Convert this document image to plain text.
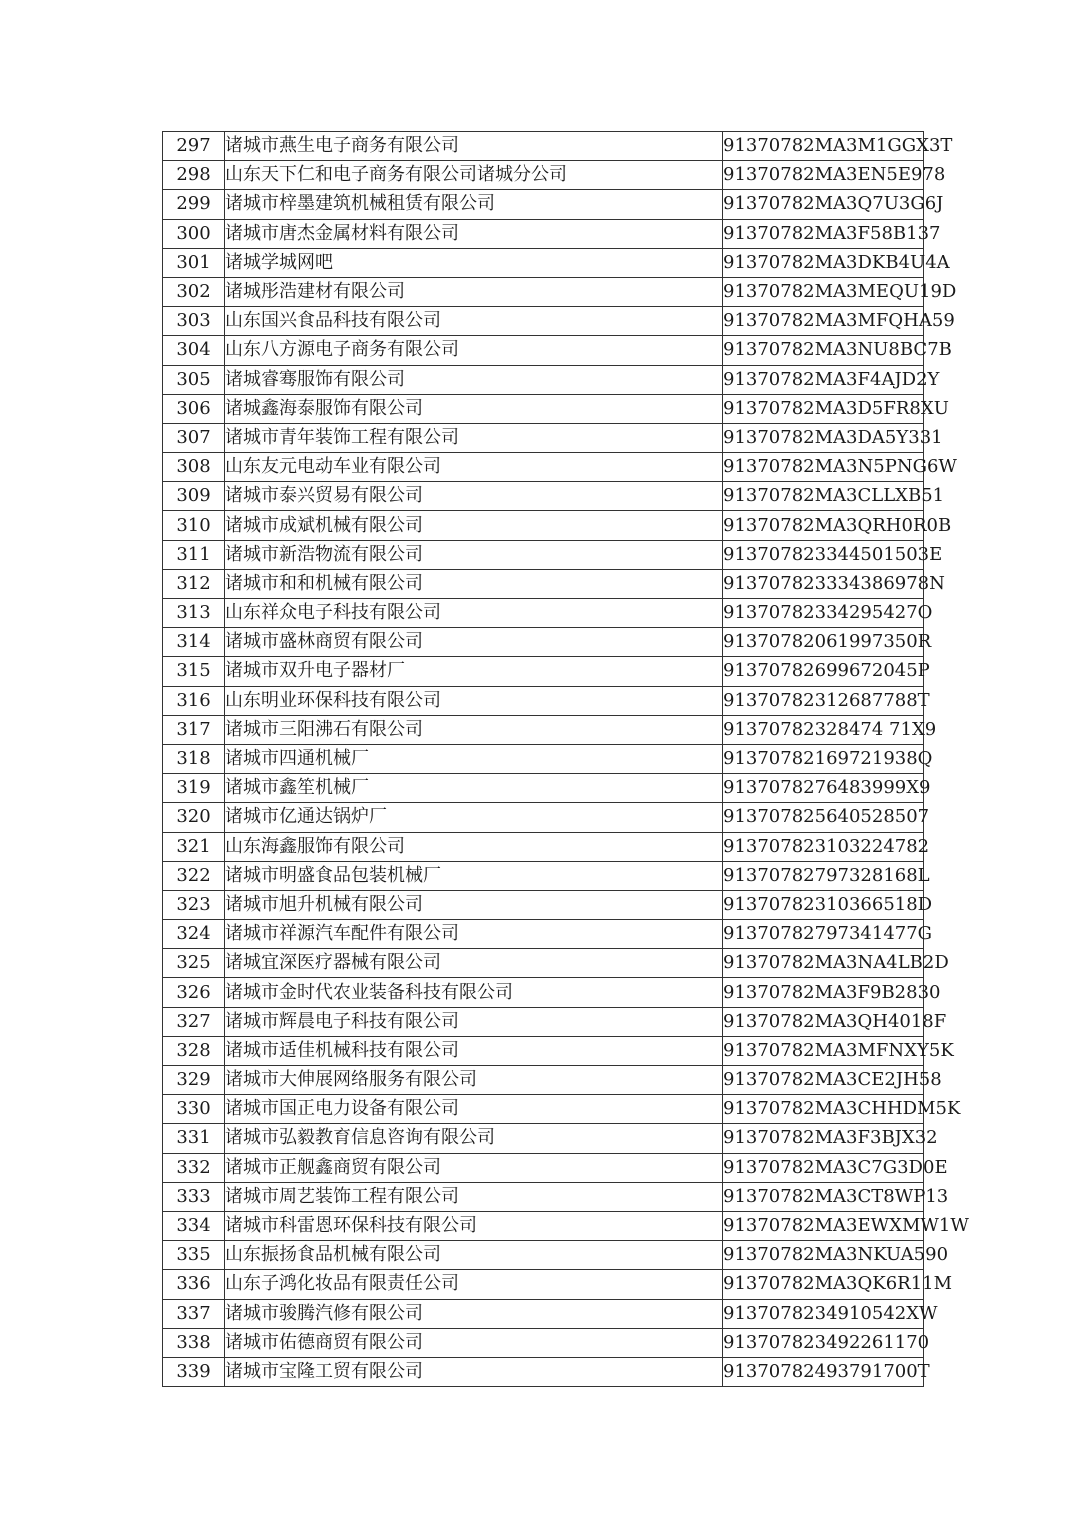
297	诸城市燕生电子商务有限公司	91370782MA3M1GGX3T
298	山东天下仁和电子商务有限公司诸城分公司	91370782MA3EN5E978
299	诸城市梓墨建筑机械租赁有限公司	91370782MA3Q7U3G6J
300	诸城市唐杰金属材料有限公司	91370782MA3F58B137
301	诸城学城网吧	91370782MA3DKB4U4A
302	诸城彤浩建材有限公司	91370782MA3MEQU19D
303	山东国兴食品科技有限公司	91370782MA3MFQHA59
304	山东八方源电子商务有限公司	91370782MA3NU8BC7B
305	诸城睿骞服饰有限公司	91370782MA3F4AJD2Y
306	诸城鑫海泰服饰有限公司	91370782MA3D5FR8XU
307	诸城市青年装饰工程有限公司	91370782MA3DA5Y331
308	山东友元电动车业有限公司	91370782MA3N5PNG6W
309	诸城市泰兴贸易有限公司	91370782MA3CLLXB51
310	诸城市成斌机械有限公司	91370782MA3QRH0R0B
311	诸城市新浩物流有限公司	913707823344501503E
312	诸城市和和机械有限公司	913707823334386978N
313	山东祥众电子科技有限公司	91370782334295427O
314	诸城市盛林商贸有限公司	91370782061997350R
315	诸城市双升电子器材厂	91370782699672045P
316	山东明业环保科技有限公司	91370782312687788T
317	诸城市三阳沸石有限公司	91370782328474 71X9
318	诸城市四通机械厂	91370782169721938Q
319	诸城市鑫笙机械厂	9137078276483999X9
320	诸城市亿通达锅炉厂	913707825640528507
321	山东海鑫服饰有限公司	913707823103224782
322	诸城市明盛食品包装机械厂	91370782797328168L
323	诸城市旭升机械有限公司	91370782310366518D
324	诸城市祥源汽车配件有限公司	91370782797341477G
325	诸城宜深医疗器械有限公司	91370782MA3NA4LB2D
326	诸城市金时代农业装备科技有限公司	91370782MA3F9B2830
327	诸城市辉晨电子科技有限公司	91370782MA3QH4018F
328	诸城市适佳机械科技有限公司	91370782MA3MFNXY5K
329	诸城市大伸展网络服务有限公司	91370782MA3CE2JH58
330	诸城市国正电力设备有限公司	91370782MA3CHHDM5K
331	诸城市弘毅教育信息咨询有限公司	91370782MA3F3BJX32
332	诸城市正舰鑫商贸有限公司	91370782MA3C7G3D0E
333	诸城市周艺装饰工程有限公司	91370782MA3CT8WP13
334	诸城市科雷恩环保科技有限公司	91370782MA3EWXMW1W
335	山东振扬食品机械有限公司	91370782MA3NKUA590
336	山东子鸿化妆品有限责任公司	91370782MA3QK6R11M
337	诸城市骏腾汽修有限公司	9137078234910542XW
338	诸城市佑德商贸有限公司	913707823492261170
339	诸城市宝隆工贸有限公司	91370782493791700T
